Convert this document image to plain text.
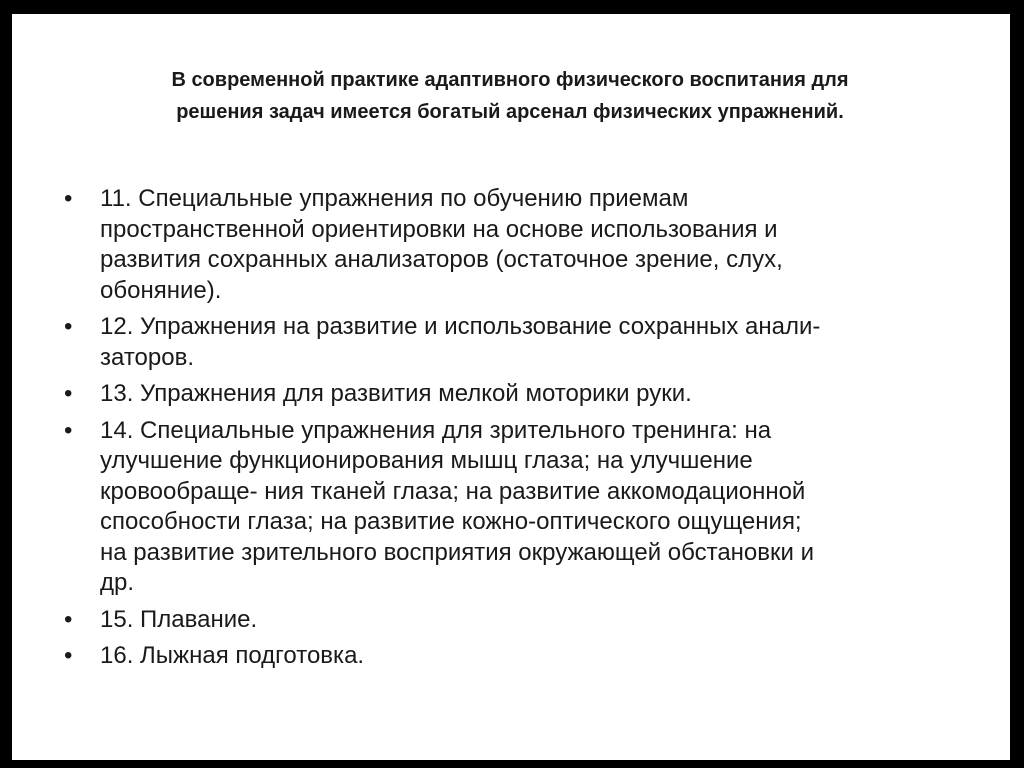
В современной практике адаптивного физического воспитания для
решения задач имеется богатый арсенал физических упражнений.
• 11. Специальные упражнения по обучению приемам
пространственной ориентировки на основе использования и
развития сохранных анализаторов (остаточное зрение, слух,
обоняние).
• 12. Упражнения на развитие и использование сохранных анали-
заторов.
• 13. Упражнения для развития мелкой моторики руки.
• 14. Специальные упражнения для зрительного тренинга: на
улучшение функционирования мышц глаза; на улучшение
кровообраще- ния тканей глаза; на развитие аккомодационной
способности глаза; на развитие кожно-оптического ощущения;
на развитие зрительного восприятия окружающей обстановки и
др.
• 15. Плавание.
• 16. Лыжная подготовка.
